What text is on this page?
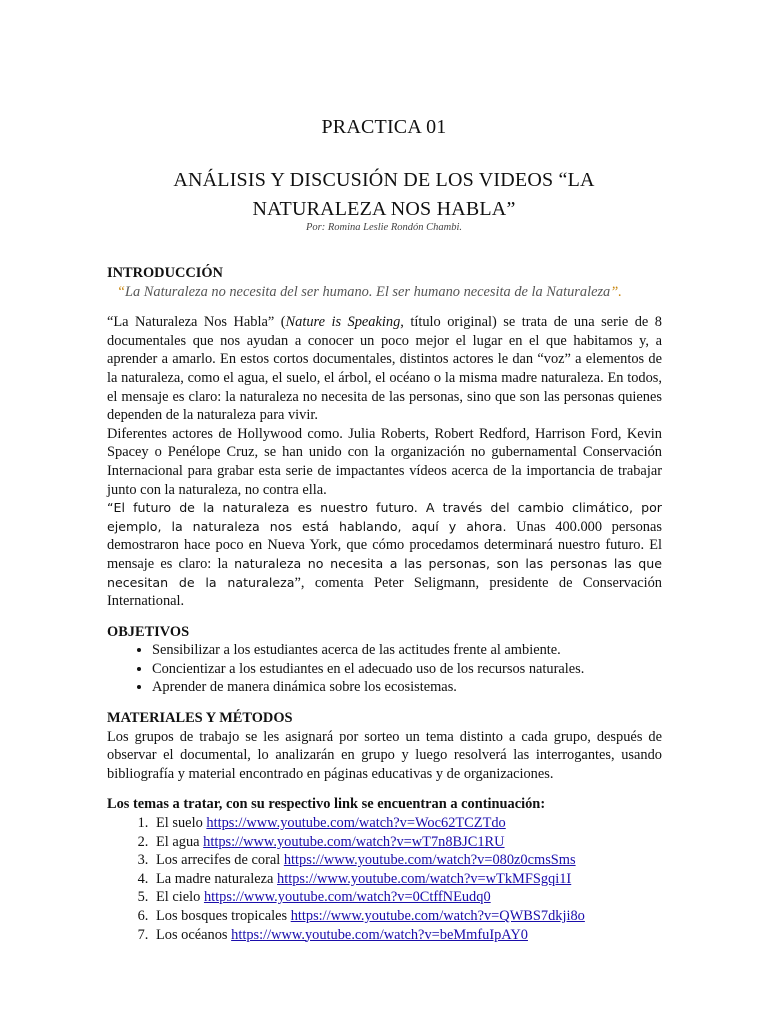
PRACTICA 01
ANÁLISIS Y DISCUSIÓN DE LOS VIDEOS “LA
NATURALEZA NOS HABLA”
Por: Romina Leslie Rondón Chambi.
INTRODUCCIÓN
“La Naturaleza no necesita del ser humano. El ser humano necesita de la Naturaleza”.

“La Naturaleza Nos Habla” (Nature is Speaking, título original) se trata de una serie de 8 documentales que nos ayudan a conocer un poco mejor el lugar en el que habitamos y, a aprender a amarlo. En estos cortos documentales, distintos actores le dan “voz” a elementos de la naturaleza, como el agua, el suelo, el árbol, el océano o la misma madre naturaleza. En todos, el mensaje es claro: la naturaleza no necesita de las personas, sino que son las personas quienes dependen de la naturaleza para vivir.

Diferentes actores de Hollywood como. Julia Roberts, Robert Redford, Harrison Ford, Kevin Spacey o Penélope Cruz, se han unido con la organización no gubernamental Conservación Internacional para grabar esta serie de impactantes vídeos acerca de la importancia de trabajar junto con la naturaleza, no contra ella.

“El futuro de la naturaleza es nuestro futuro. A través del cambio climático, por ejemplo, la naturaleza nos está hablando, aquí y ahora. Unas 400.000 personas demostraron hace poco en Nueva York, que cómo procedamos determinará nuestro futuro. El mensaje es claro: la naturaleza no necesita a las personas, son las personas las que necesitan de la naturaleza”, comenta Peter Seligmann, presidente de Conservación International.

OBJETIVOS
• Sensibilizar a los estudiantes acerca de las actitudes frente al ambiente.
• Concientizar a los estudiantes en el adecuado uso de los recursos naturales.
• Aprender de manera dinámica sobre los ecosistemas.
MATERIALES Y MÉTODOS

Los grupos de trabajo se les asignará por sorteo un tema distinto a cada grupo, después de observar el documental, lo analizarán en grupo y luego resolverá las interrogantes, usando bibliografía y material encontrado en páginas educativas y de organizaciones.

Los temas a tratar, con su respectivo link se encuentran a continuación:
1. El suelo https://www.youtube.com/watch?v=Woc62TCZTdo
2. El agua https://www.youtube.com/watch?v=wT7n8BJC1RU
3. Los arrecifes de coral https://www.youtube.com/watch?v=080z0cmsSms
4. La madre naturaleza https://www.youtube.com/watch?v=wTkMFSgqi1I
5. El cielo https://www.youtube.com/watch?v=0CtffNEudq0
6. Los bosques tropicales https://www.youtube.com/watch?v=QWBS7dkji8o
7. Los océanos https://www.youtube.com/watch?v=beMmfuIpAY0
